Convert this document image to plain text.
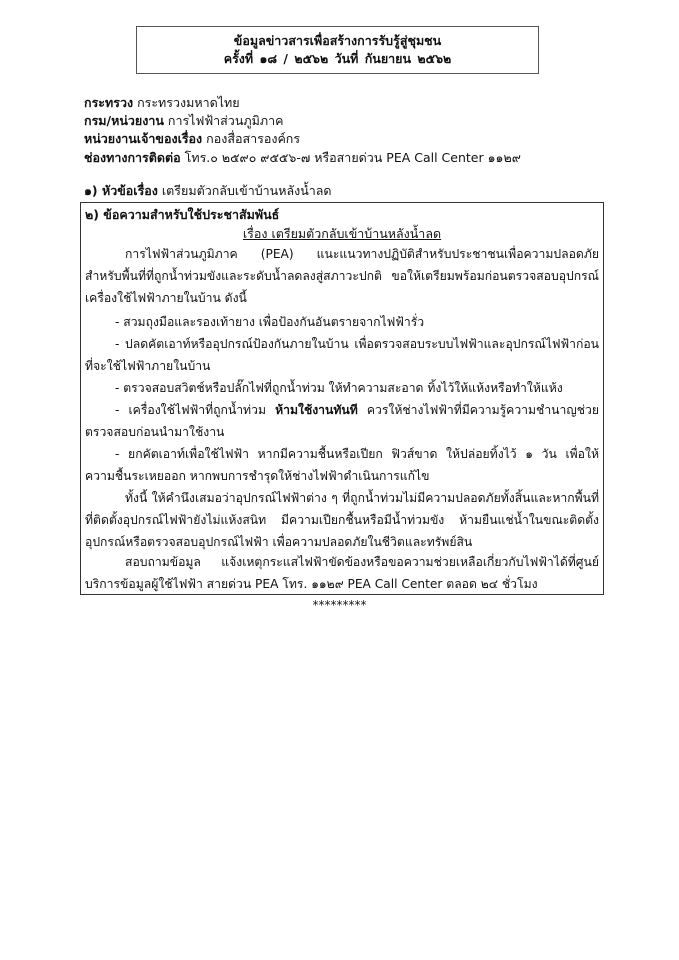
ข้อมูลข่าวสารเพื่อสร้างการรับรู้สู่ชุมชน
ครั้งที่ ๑๘ / ๒๕๖๒ วันที่ กันยายน ๒๕๖๒
กระทรวง กระทรวงมหาดไทย
กรม/หน่วยงาน การไฟฟ้าส่วนภูมิภาค
หน่วยงานเจ้าของเรื่อง กองสื่อสารองค์กร
ช่องทางการติดต่อ โทร.๐ ๒๕๙๐ ๙๕๕๖-๗ หรือสายด่วน PEA Call Center ๑๑๒๙
๑) หัวข้อเรื่อง เตรียมตัวกลับเข้าบ้านหลังน้ำลด
๒) ข้อความสำหรับใช้ประชาสัมพันธ์
เรื่อง เตรียมตัวกลับเข้าบ้านหลังน้ำลด
การไฟฟ้าส่วนภูมิภาค (PEA) แนะแนวทางปฏิบัติสำหรับประชาชนเพื่อความปลอดภัย สำหรับพื้นที่ที่ถูกน้ำท่วมขังและระดับน้ำลดลงสู่สภาวะปกติ ขอให้เตรียมพร้อมก่อนตรวจสอบอุปกรณ์เครื่องใช้ไฟฟ้าภายในบ้าน ดังนี้
- สวมถุงมือและรองเท้ายาง เพื่อป้องกันอันตรายจากไฟฟ้ารั่ว
- ปลดคัตเอาท์หรืออุปกรณ์ป้องกันภายในบ้าน เพื่อตรวจสอบระบบไฟฟ้าและอุปกรณ์ไฟฟ้าก่อนที่จะใช้ไฟฟ้าภายในบ้าน
- ตรวจสอบสวิตช์หรือปลั๊กไฟที่ถูกน้ำท่วม ให้ทำความสะอาด ทิ้งไว้ให้แห้งหรือทำให้แห้ง
- เครื่องใช้ไฟฟ้าที่ถูกน้ำท่วม ห้ามใช้งานทันที ควรให้ช่างไฟฟ้าที่มีความรู้ความชำนาญช่วยตรวจสอบก่อนนำมาใช้งาน
- ยกคัตเอาท์เพื่อใช้ไฟฟ้า หากมีความชื้นหรือเปียก ฟิวส์ขาด ให้ปล่อยทิ้งไว้ ๑ วัน เพื่อให้ความชื้นระเหยออก หากพบการชำรุดให้ช่างไฟฟ้าดำเนินการแก้ไข
ทั้งนี้ ให้คำนึงเสมอว่าอุปกรณ์ไฟฟ้าต่าง ๆ ที่ถูกน้ำท่วมไม่มีความปลอดภัยทั้งสิ้นและหากพื้นที่ที่ติดตั้งอุปกรณ์ไฟฟ้ายังไม่แห้งสนิท มีความเปียกชื้นหรือมีน้ำท่วมขัง ห้ามยืนแช่น้ำในขณะติดตั้งอุปกรณ์หรือตรวจสอบอุปกรณ์ไฟฟ้า เพื่อความปลอดภัยในชีวิตและทรัพย์สิน
สอบถามข้อมูล แจ้งเหตุกระแสไฟฟ้าขัดข้องหรือขอความช่วยเหลือเกี่ยวกับไฟฟ้าได้ที่ศูนย์บริการข้อมูลผู้ใช้ไฟฟ้า สายด่วน PEA โทร. ๑๑๒๙ PEA Call Center ตลอด ๒๔ ชั่วโมง
*********
